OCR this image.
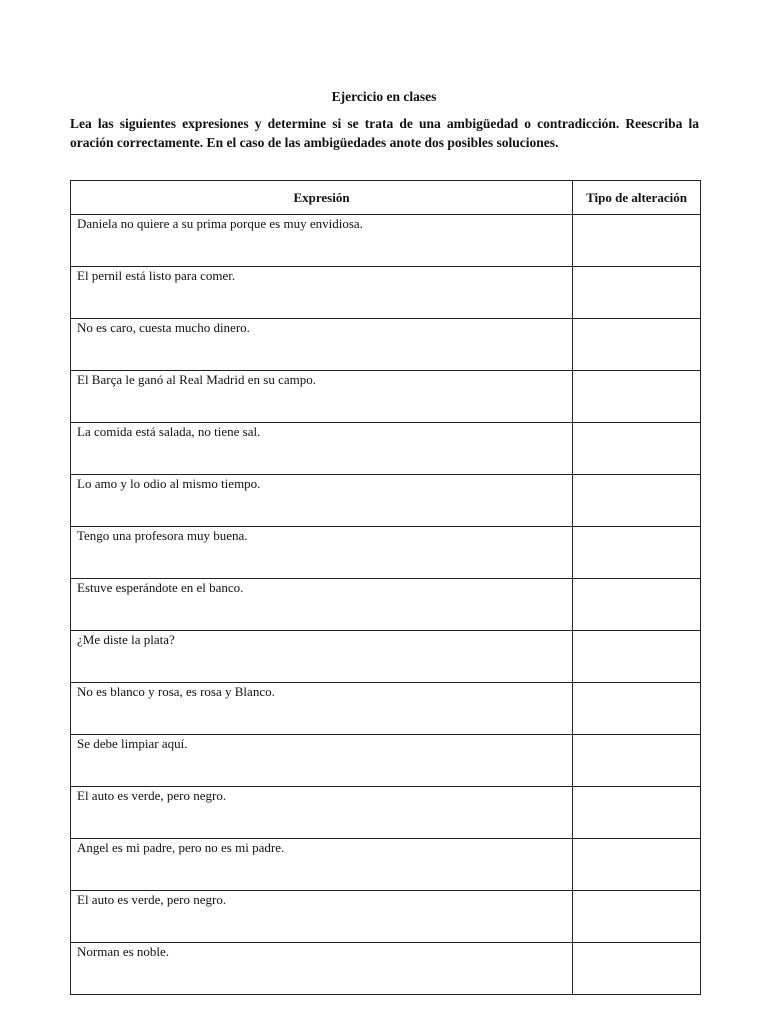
Ejercicio en clases
Lea las siguientes expresiones y determine si se trata de una ambigüedad o contradicción. Reescriba la oración correctamente. En el caso de las ambigüedades anote dos posibles soluciones.
Expresión	Tipo de alteración
Daniela no quiere a su prima porque es muy envidiosa.	
El pernil está listo para comer.	
No es caro, cuesta mucho dinero.	
El Barça le ganó al Real Madrid en su campo.	
La comida está salada, no tiene sal.	
Lo amo y lo odio al mismo tiempo.	
Tengo una profesora muy buena.	
Estuve esperándote en el banco.	
¿Me diste la plata?	
No es blanco y rosa, es rosa y Blanco.	
Se debe limpiar aquí.	
El auto es verde, pero negro.	
Angel es mi padre, pero no es mi padre.	
El auto es verde, pero negro.	
Norman es noble.	
